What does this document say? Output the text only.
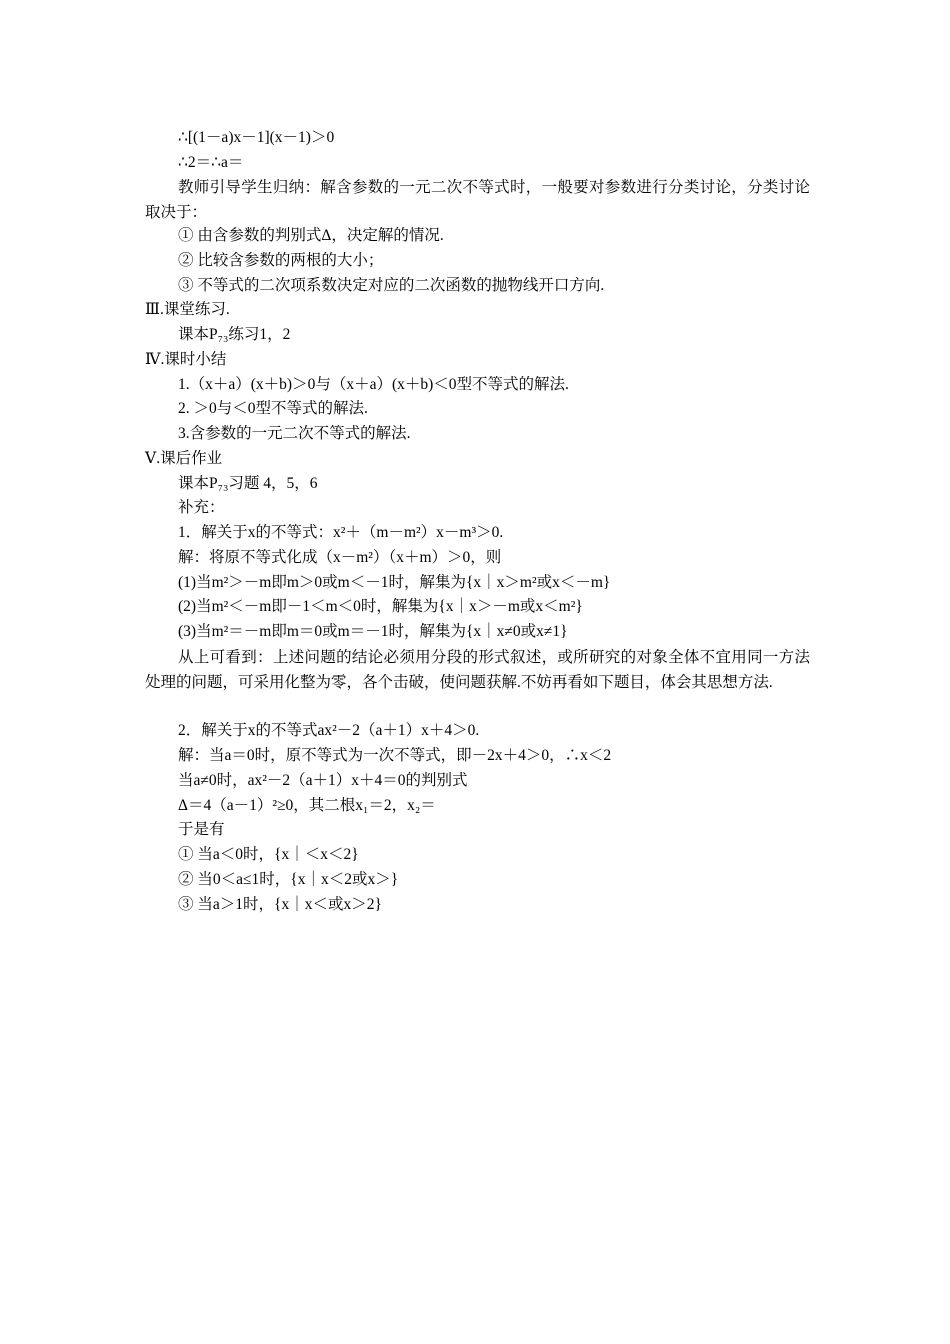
∴[(1－a)x－1](x－1)＞0
∴2＝∴a＝
教师引导学生归纳：解含参数的一元二次不等式时，一般要对参数进行分类讨论，分类讨论取决于：
① 由含参数的判别式Δ，决定解的情况.
② 比较含参数的两根的大小；
③ 不等式的二次项系数决定对应的二次函数的抛物线开口方向.
Ⅲ.课堂练习.
课本P₇₃练习1，2
Ⅳ.课时小结
1.（x＋a）(x＋b)＞0与（x＋a）(x＋b)＜0型不等式的解法.
2. ＞0与＜0型不等式的解法.
3.含参数的一元二次不等式的解法.
Ⅴ.课后作业
课本P₇₃习题 4，5，6
补充：
1．解关于x的不等式：x²＋（m－m²）x－m³＞0.
解：将原不等式化成（x－m²）（x＋m）＞0，则
(1)当m²＞－m即m＞0或m＜－1时，解集为{x｜x＞m²或x＜－m}
(2)当m²＜－m即－1＜m＜0时，解集为{x｜x＞－m或x＜m²}
(3)当m²＝－m即m＝0或m＝－1时，解集为{x｜x≠0或x≠1}
从上可看到：上述问题的结论必须用分段的形式叙述，或所研究的对象全体不宜用同一方法处理的问题，可采用化整为零，各个击破，使问题获解.不妨再看如下题目，体会其思想方法.
2．解关于x的不等式ax²－2（a＋1）x＋4＞0.
解：当a＝0时，原不等式为一次不等式，即－2x＋4＞0，∴x＜2
当a≠0时，ax²－2（a＋1）x＋4＝0的判别式
Δ＝4（a－1）²≥0，其二根x₁＝2，x₂＝
于是有
① 当a＜0时，{x｜＜x＜2}
② 当0＜a≤1时，{x｜x＜2或x＞}
③ 当a＞1时，{x｜x＜或x＞2}
